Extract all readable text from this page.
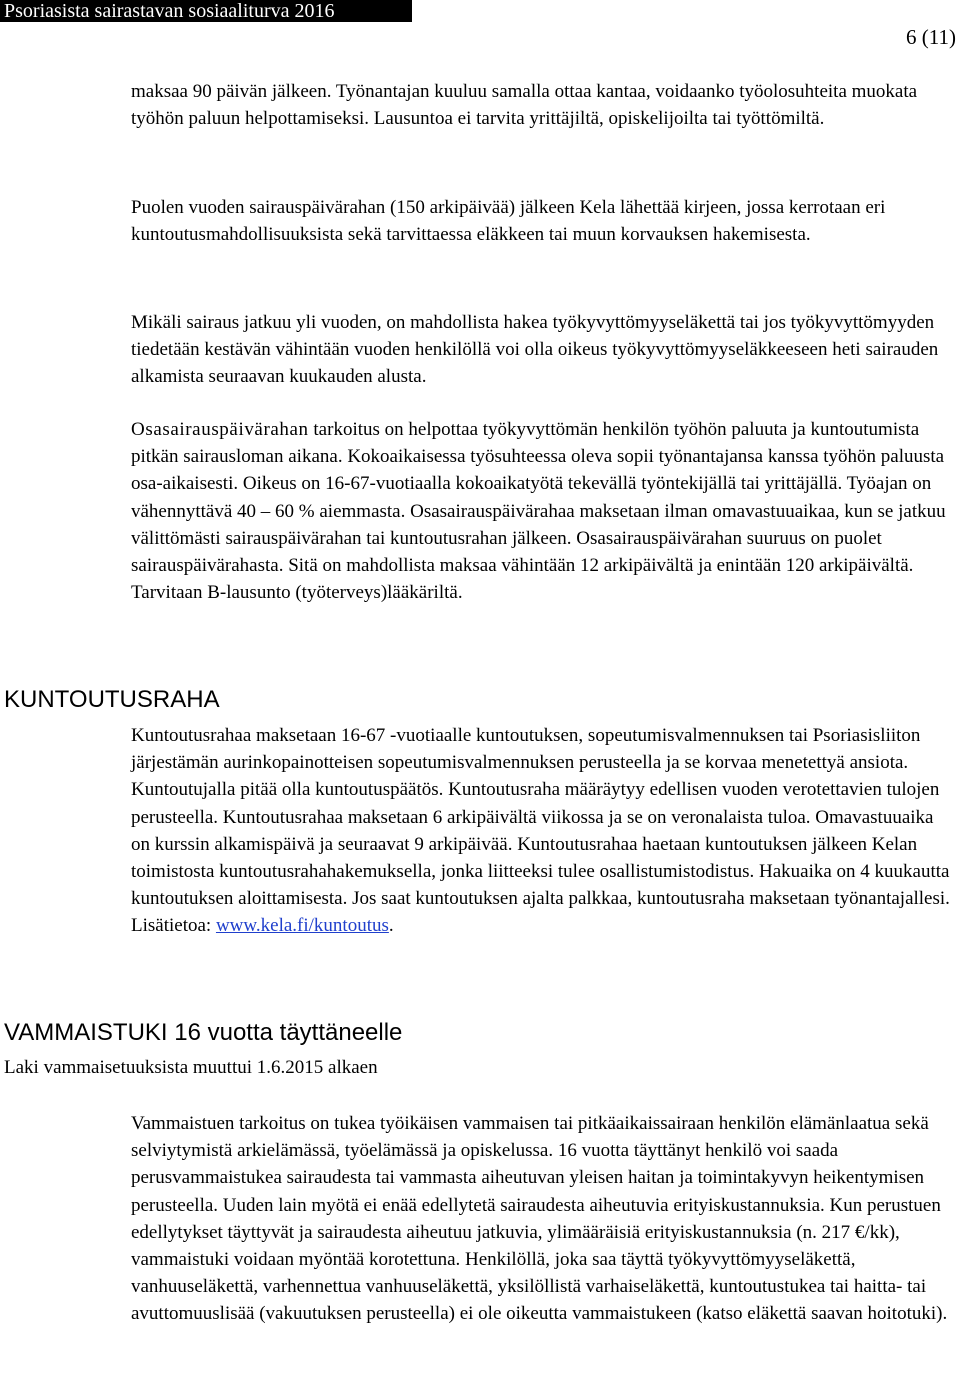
Psoriasista sairastavan sosiaaliturva 2016
6 (11)

maksaa 90 päivän jälkeen. Työnantajan kuuluu samalla ottaa kantaa, voidaanko työolosuhteita muokata työhön paluun helpottamiseksi. Lausuntoa ei tarvita yrittäjiltä, opiskelijoilta tai työttömiltä.

Puolen vuoden sairauspäivärahan (150 arkipäivää) jälkeen Kela lähettää kirjeen, jossa kerrotaan eri kuntoutusmahdollisuuksista sekä tarvittaessa eläkkeen tai muun korvauksen hakemisesta.

Mikäli sairaus jatkuu yli vuoden, on mahdollista hakea työkyvyttömyyseläkettä tai jos työkyvyttömyyden tiedetään kestävän vähintään vuoden henkilöllä voi olla oikeus työkyvyttömyyseläkkeeseen heti sairauden alkamista seuraavan kuukauden alusta.

Osasairauspäivärahan tarkoitus on helpottaa työkyvyttömän henkilön työhön paluuta ja kuntoutumista pitkän sairausloman aikana. Kokoaikaisessa työsuhteessa oleva sopii työnantajansa kanssa työhön paluusta osa-aikaisesti. Oikeus on 16-67-vuotiaalla kokoaikatyötä tekevällä työntekijällä tai yrittäjällä. Työajan on vähennyttävä 40 – 60 % aiemmasta. Osasairauspäivärahaa maksetaan ilman omavastuuaikaa, kun se jatkuu välittömästi sairauspäivärahan tai kuntoutusrahan jälkeen. Osasairauspäivärahan suuruus on puolet sairauspäivärahasta. Sitä on mahdollista maksaa vähintään 12 arkipäivältä ja enintään 120 arkipäivältä. Tarvitaan B-lausunto (työterveys)lääkäriltä.

KUNTOUTUSRAHA

Kuntoutusrahaa maksetaan 16-67 -vuotiaalle kuntoutuksen, sopeutumisvalmennuksen tai Psoriasisliiton järjestämän aurinkopainotteisen sopeutumisvalmennuksen perusteella ja se korvaa menetettyä ansiota. Kuntoutujalla pitää olla kuntoutuspäätös. Kuntoutusraha määräytyy edellisen vuoden verotettavien tulojen perusteella. Kuntoutusrahaa maksetaan 6 arkipäivältä viikossa ja se on veronalaista tuloa. Omavastuuaika on kurssin alkamispäivä ja seuraavat 9 arkipäivää. Kuntoutusrahaa haetaan kuntoutuksen jälkeen Kelan toimistosta kuntoutusrahahakemuksella, jonka liitteeksi tulee osallistumistodistus. Hakuaika on 4 kuukautta kuntoutuksen aloittamisesta. Jos saat kuntoutuksen ajalta palkkaa, kuntoutusraha maksetaan työnantajallesi. Lisätietoa: www.kela.fi/kuntoutus.

VAMMAISTUKI 16 vuotta täyttäneelle

Laki vammaisetuuksista muuttui 1.6.2015 alkaen

Vammaistuen tarkoitus on tukea työikäisen vammaisen tai pitkäaikaissairaan henkilön elämänlaatua sekä selviytymistä arkielämässä, työelämässä ja opiskelussa. 16 vuotta täyttänyt henkilö voi saada perusvammaistukea sairaudesta tai vammasta aiheutuvan yleisen haitan ja toimintakyvyn heikentymisen perusteella. Uuden lain myötä ei enää edellytetä sairaudesta aiheutuvia erityiskustannuksia. Kun perustuen edellytykset täyttyvät ja sairaudesta aiheutuu jatkuvia, ylimääräisiä erityiskustannuksia (n. 217 €/kk), vammaistuki voidaan myöntää korotettuna. Henkilöllä, joka saa täyttä työkyvyttömyyseläkettä, vanhuuseläkettä, varhennettua vanhuuseläkettä, yksilöllistä varhaiseläkettä, kuntoutustukea tai haitta- tai avuttomuuslisää (vakuutuksen perusteella) ei ole oikeutta vammaistukeen (katso eläkettä saavan hoitotuki).
